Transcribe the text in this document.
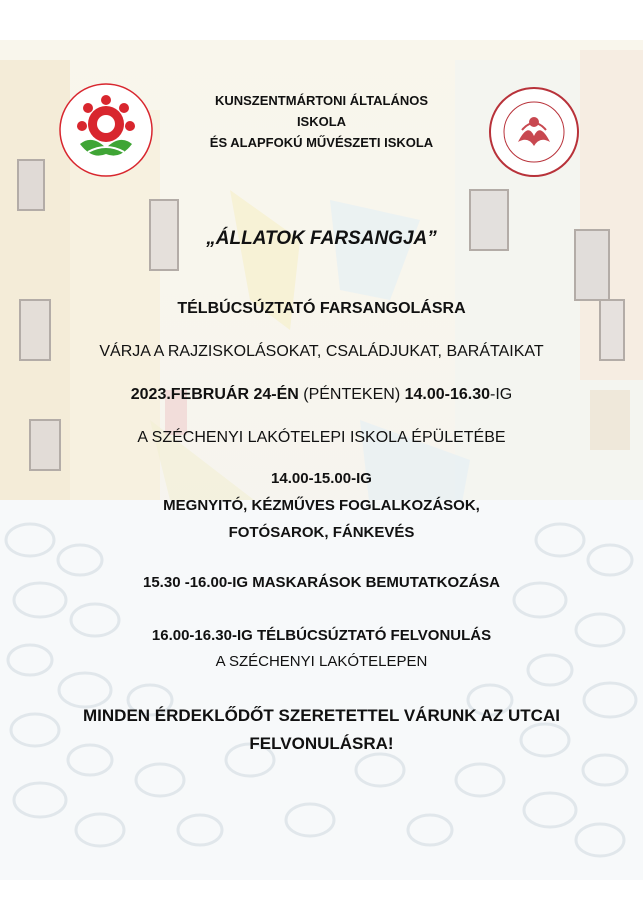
KUNSZENTMÁRTONI ÁLTALÁNOS
ISKOLA
ÉS ALAPFOKÚ MŰVÉSZETI ISKOLA
„ÁLLATOK FARSANGJA”
TÉLBÚCSÚZTATÓ FARSANGOLÁSRA
VÁRJA A RAJZISKOLÁSOKAT, CSALÁDJUKAT, BARÁTAIKAT
2023.FEBRUÁR 24-ÉN (PÉNTEKEN) 14.00-16.30-IG
A SZÉCHENYI LAKÓTELEPI ISKOLA ÉPÜLETÉBE
14.00-15.00-IG
MEGNYITÓ, KÉZMŰVES FOGLALKOZÁSOK,
FOTÓSAROK, FÁNKEVÉS
15.30 -16.00-IG MASKARÁSOK BEMUTATKOZÁSA
16.00-16.30-IG TÉLBÚCSÚZTATÓ FELVONULÁS
A SZÉCHENYI LAKÓTELEPEN
MINDEN ÉRDEKLŐDŐT SZERETETTEL VÁRUNK AZ UTCAI
FELVONULÁSRA!
